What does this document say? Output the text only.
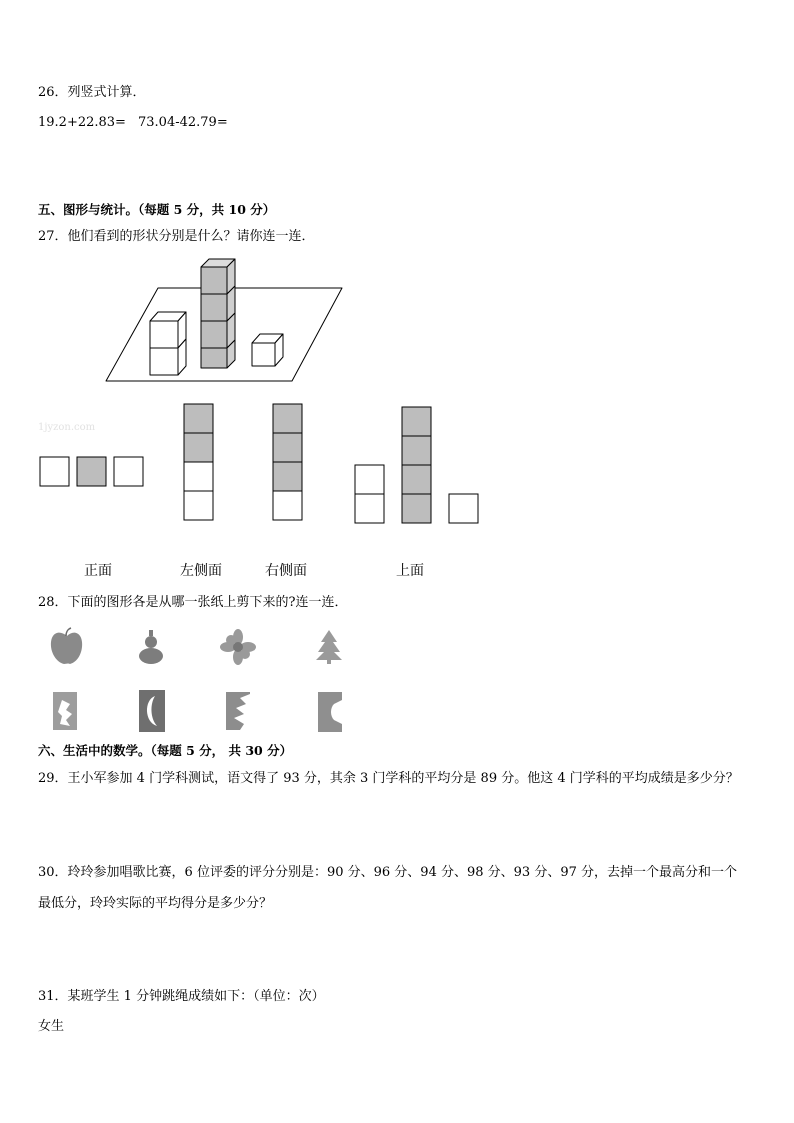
26．列竖式计算．
19.2+22.83= 73.04-42.79=
五、图形与统计。（每题 5 分，共 10 分）
27．他们看到的形状分别是什么？请你连一连．
1jyzon.com
正面	左侧面	右侧面	上面
28．下面的图形各是从哪一张纸上剪下来的?连一连．
六、生活中的数学。（每题 5 分， 共 30 分）
29．王小军参加 4 门学科测试，语文得了 93 分，其余 3 门学科的平均分是 89 分。他这 4 门学科的平均成绩是多少分？
30．玲玲参加唱歌比赛，6 位评委的评分分别是：90 分、96 分、94 分、98 分、93 分、97 分，去掉一个最高分和一个
最低分，玲玲实际的平均得分是多少分？
31．某班学生 1 分钟跳绳成绩如下：（单位：次）
女生
